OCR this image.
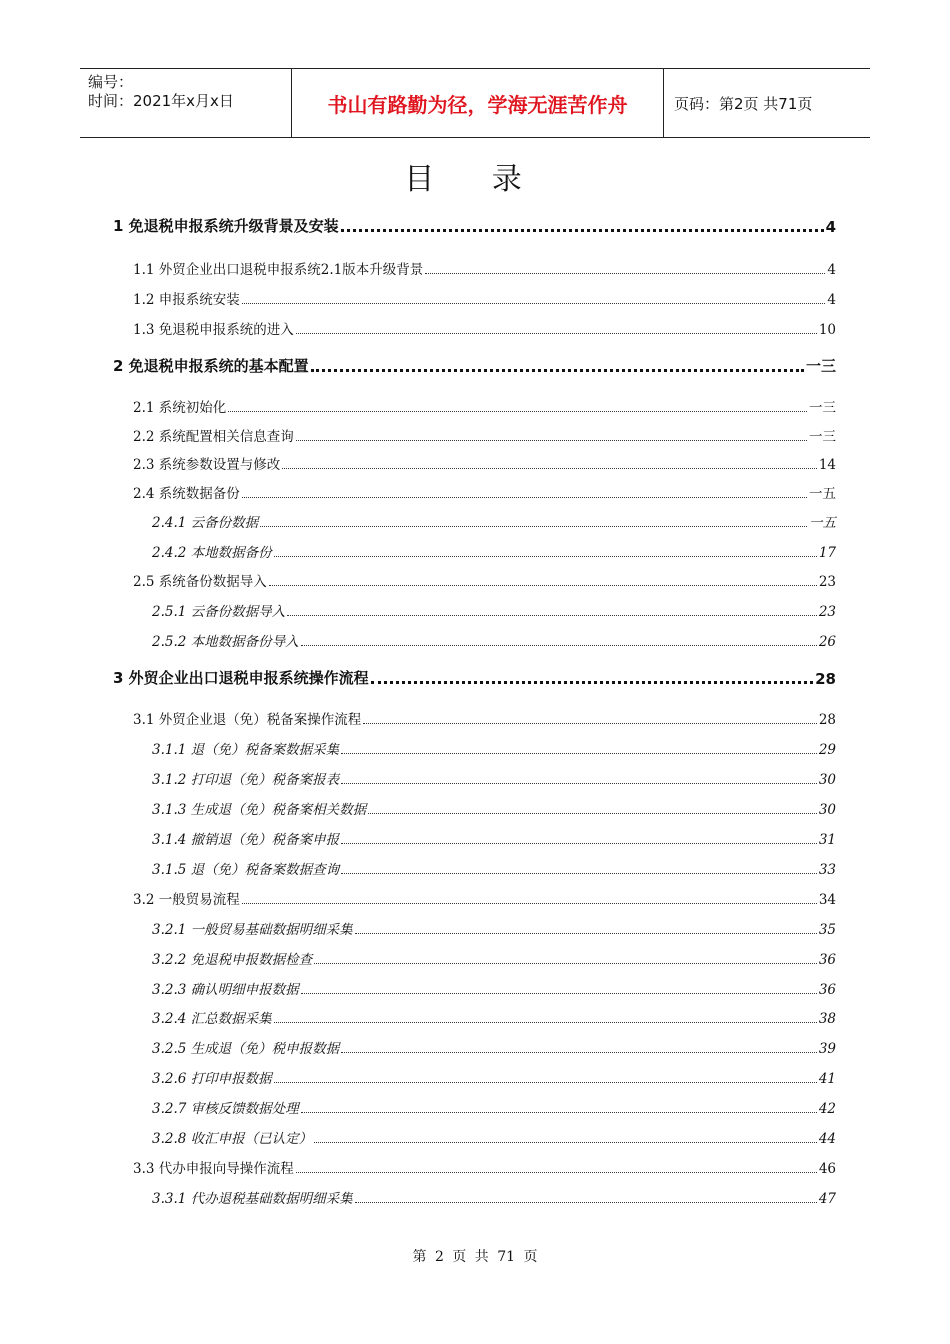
编号：
时间：2021年x月x日	书山有路勤为径，学海无涯苦作舟	页码：第2页 共71页
目 录
1 免退税申报系统升级背景及安装	4
1.1 外贸企业出口退税申报系统2.1版本升级背景	4
1.2 申报系统安装	4
1.3 免退税申报系统的进入	10
2 免退税申报系统的基本配置	一三
2.1 系统初始化	一三
2.2 系统配置相关信息查询	一三
2.3 系统参数设置与修改	14
2.4 系统数据备份	一五
2.4.1 云备份数据	一五
2.4.2 本地数据备份	17
2.5 系统备份数据导入	23
2.5.1 云备份数据导入	23
2.5.2 本地数据备份导入	26
3 外贸企业出口退税申报系统操作流程	28
3.1 外贸企业退（免）税备案操作流程	28
3.1.1 退（免）税备案数据采集	29
3.1.2 打印退（免）税备案报表	30
3.1.3 生成退（免）税备案相关数据	30
3.1.4 撤销退（免）税备案申报	31
3.1.5 退（免）税备案数据查询	33
3.2 一般贸易流程	34
3.2.1 一般贸易基础数据明细采集	35
3.2.2 免退税申报数据检查	36
3.2.3 确认明细申报数据	36
3.2.4 汇总数据采集	38
3.2.5 生成退（免）税申报数据	39
3.2.6 打印申报数据	41
3.2.7 审核反馈数据处理	42
3.2.8 收汇申报（已认定）	44
3.3 代办申报向导操作流程	46
3.3.1 代办退税基础数据明细采集	47
第 2 页 共 71 页
